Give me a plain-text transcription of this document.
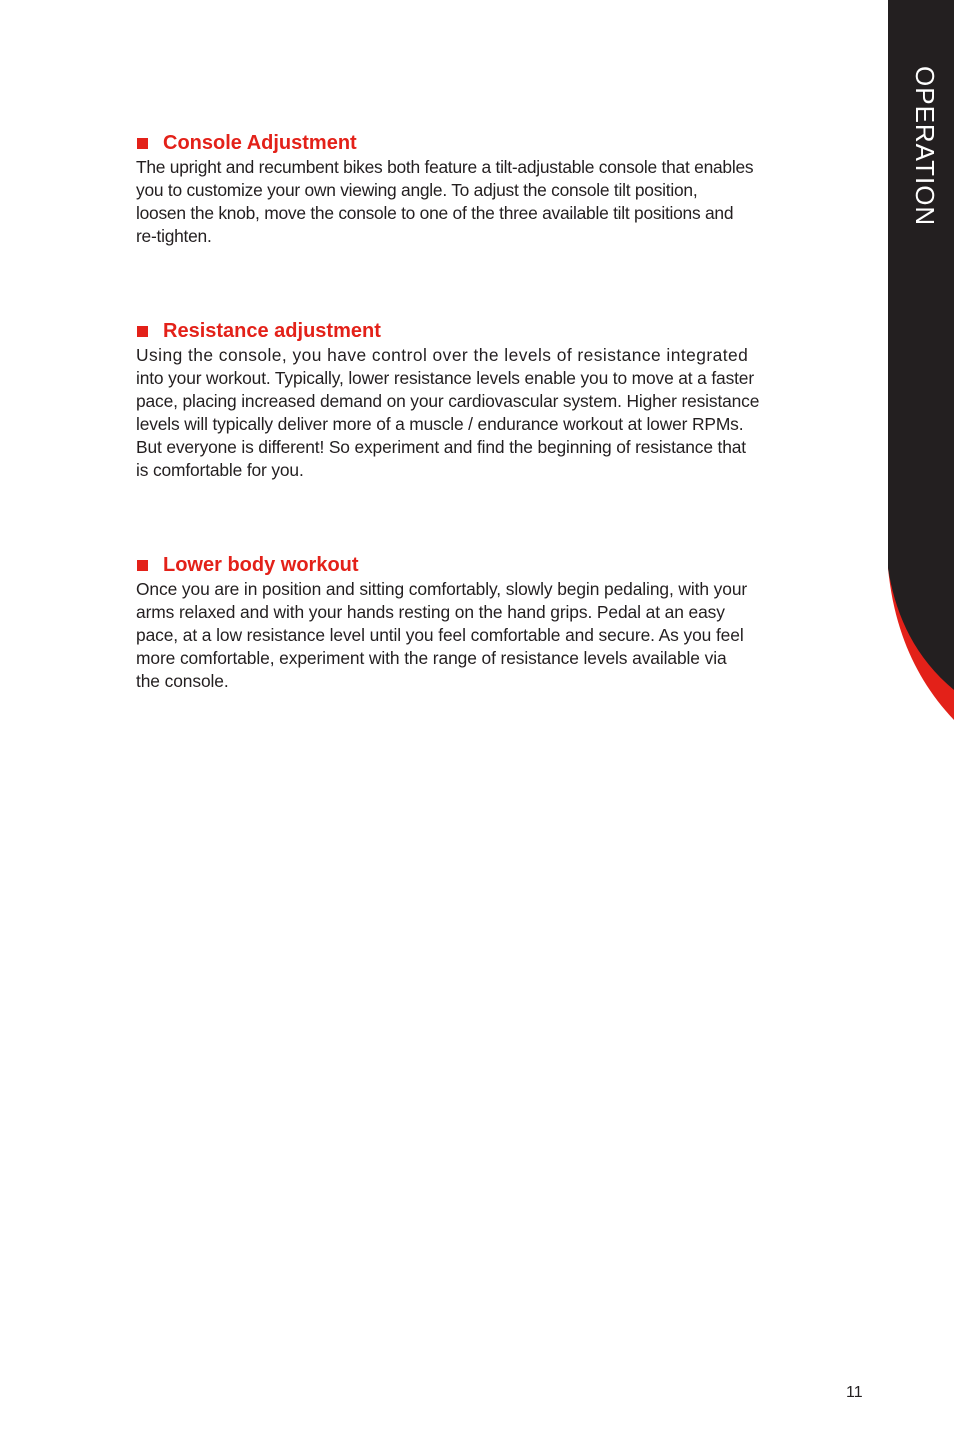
OPERATION
Console Adjustment

The upright and recumbent bikes both feature a tilt-adjustable console that enables
you to customize your own viewing angle. To adjust the console tilt position,
loosen the knob, move the console to one of the three available tilt positions and
re-tighten.

Resistance adjustment

Using the console, you have control over the levels of resistance integrated
into your workout. Typically, lower resistance levels enable you to move at a faster
pace, placing increased demand on your cardiovascular system. Higher resistance
levels will typically deliver more of a muscle / endurance workout at lower RPMs.
But everyone is different! So experiment and find the beginning of resistance that
is comfortable for you.

Lower body workout

Once you are in position and sitting comfortably, slowly begin pedaling, with your
arms relaxed and with your hands resting on the hand grips. Pedal at an easy
pace, at a low resistance level until you feel comfortable and secure. As you feel
more comfortable, experiment with the range of resistance levels available via
the console.

11
